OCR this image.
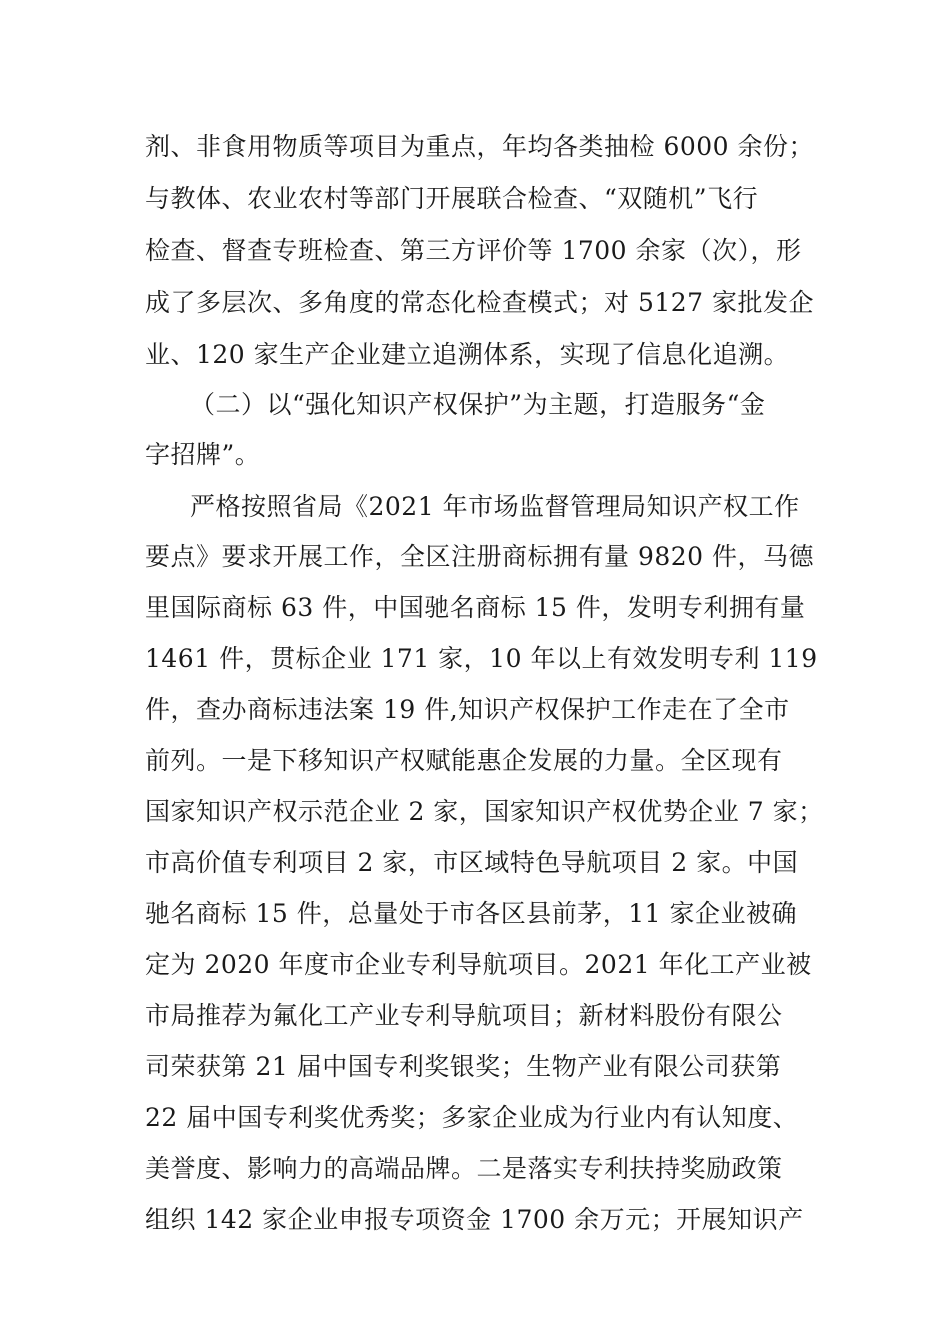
剂、非食用物质等项目为重点，年均各类抽检 6000 余份；
与教体、农业农村等部门开展联合检查、“双随机”飞行
检查、督查专班检查、第三方评价等 1700 余家（次），形
成了多层次、多角度的常态化检查模式；对 5127 家批发企
业、120 家生产企业建立追溯体系，实现了信息化追溯。
（二）以“强化知识产权保护”为主题，打造服务“金
字招牌”。
严格按照省局《2021 年市场监督管理局知识产权工作
要点》要求开展工作，全区注册商标拥有量 9820 件，马德
里国际商标 63 件，中国驰名商标 15 件，发明专利拥有量
1461 件，贯标企业 171 家，10 年以上有效发明专利 119
件，查办商标违法案 19 件,知识产权保护工作走在了全市
前列。一是下移知识产权赋能惠企发展的力量。全区现有
国家知识产权示范企业 2 家，国家知识产权优势企业 7 家；
市高价值专利项目 2 家，市区域特色导航项目 2 家。中国
驰名商标 15 件，总量处于市各区县前茅，11 家企业被确
定为 2020 年度市企业专利导航项目。2021 年化工产业被
市局推荐为氟化工产业专利导航项目；新材料股份有限公
司荣获第 21 届中国专利奖银奖；生物产业有限公司获第
22 届中国专利奖优秀奖；多家企业成为行业内有认知度、
美誉度、影响力的高端品牌。二是落实专利扶持奖励政策
组织 142 家企业申报专项资金 1700 余万元；开展知识产
